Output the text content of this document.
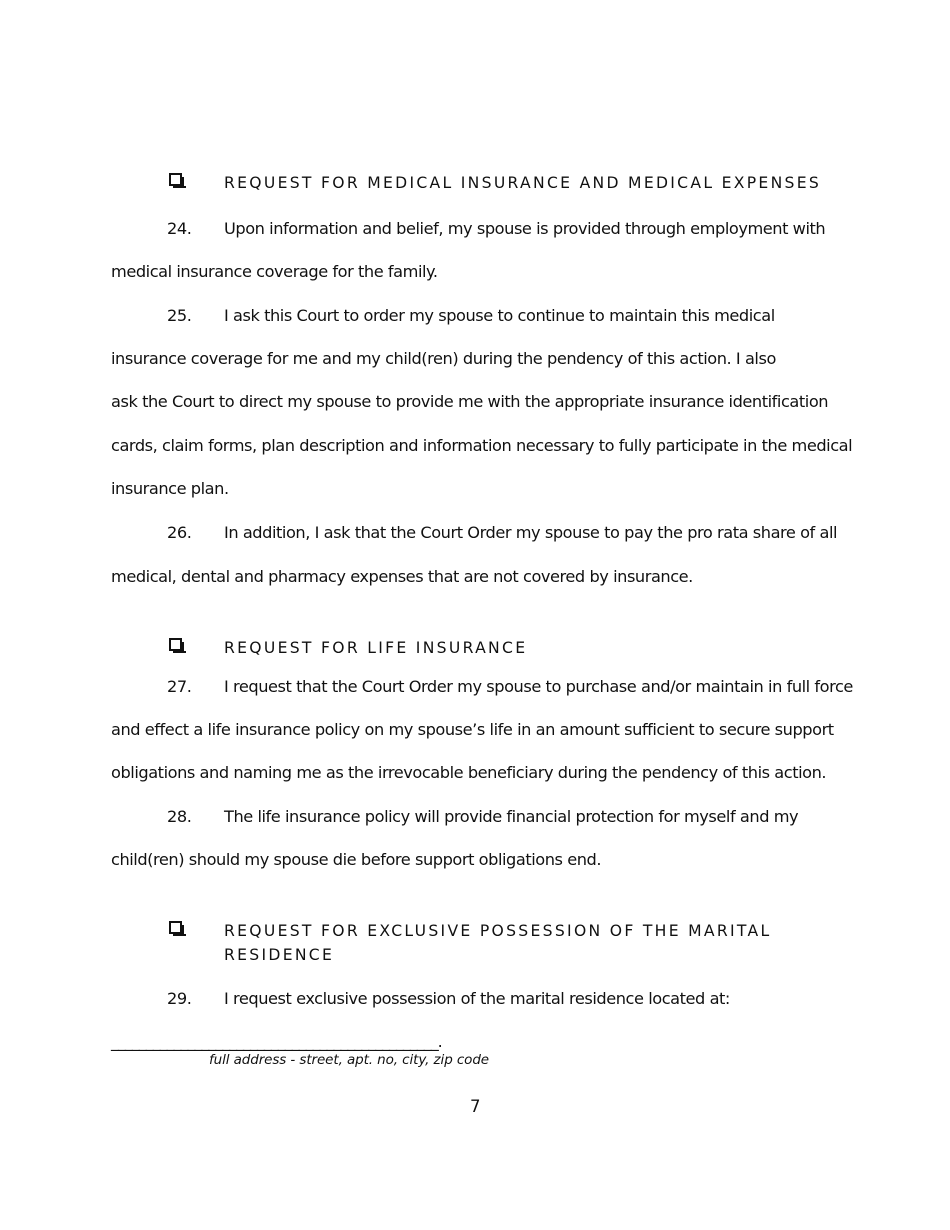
REQUEST FOR MEDICAL INSURANCE AND MEDICAL EXPENSES
24. Upon information and belief, my spouse is provided through employment with
medical insurance coverage for the family.
25. I ask this Court to order my spouse to continue to maintain this medical
insurance coverage for me and my child(ren) during the pendency of this action. I also
ask the Court to direct my spouse to provide me with the appropriate insurance identification
cards, claim forms, plan description and information necessary to fully participate in the medical
insurance plan.
26. In addition, I ask that the Court Order my spouse to pay the pro rata share of all
medical, dental and pharmacy expenses that are not covered by insurance.
REQUEST FOR LIFE INSURANCE
27. I request that the Court Order my spouse to purchase and/or maintain in full force
and effect a life insurance policy on my spouse’s life in an amount sufficient to secure support
obligations and naming me as the irrevocable beneficiary during the pendency of this action.
28. The life insurance policy will provide financial protection for myself and my
child(ren) should my spouse die before support obligations end.
REQUEST FOR EXCLUSIVE POSSESSION OF THE MARITAL
RESIDENCE
29. I request exclusive possession of the marital residence located at:
_______________________________________________.
full address - street, apt. no, city, zip code
7
